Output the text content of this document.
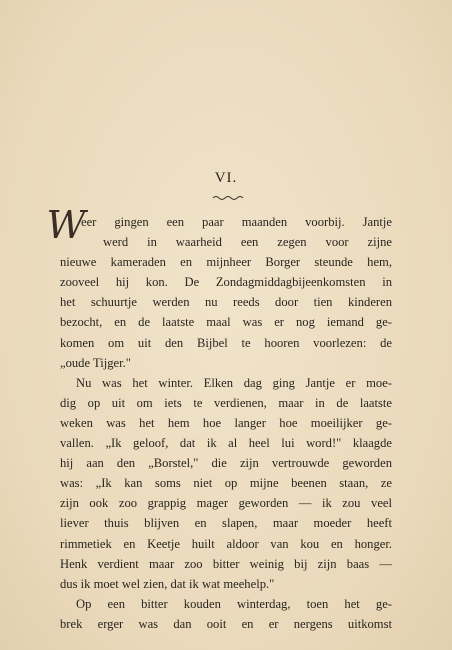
VI.
W
eer gingen een paar maanden voorbij. Jantje
werd in waarheid een zegen voor zijne
nieuwe kameraden en mijnheer Borger steunde hem,
zooveel hij kon. De Zondagmiddagbijeenkomsten in
het schuurtje werden nu reeds door tien kinderen
bezocht, en de laatste maal was er nog iemand ge-
komen om uit den Bijbel te hooren voorlezen: de
„oude Tijger."
Nu was het winter. Elken dag ging Jantje er moe-
dig op uit om iets te verdienen, maar in de laatste
weken was het hem hoe langer hoe moeilijker ge-
vallen. „Ik geloof, dat ik al heel lui word!" klaagde
hij aan den „Borstel," die zijn vertrouwde geworden
was: „Ik kan soms niet op mijne beenen staan, ze
zijn ook zoo grappig mager geworden — ik zou veel
liever thuis blijven en slapen, maar moeder heeft
rimmetiek en Keetje huilt aldoor van kou en honger.
Henk verdient maar zoo bitter weinig bij zijn baas —
dus ik moet wel zien, dat ik wat meehelp."
Op een bitter kouden winterdag, toen het ge-
brek erger was dan ooit en er nergens uitkomst
